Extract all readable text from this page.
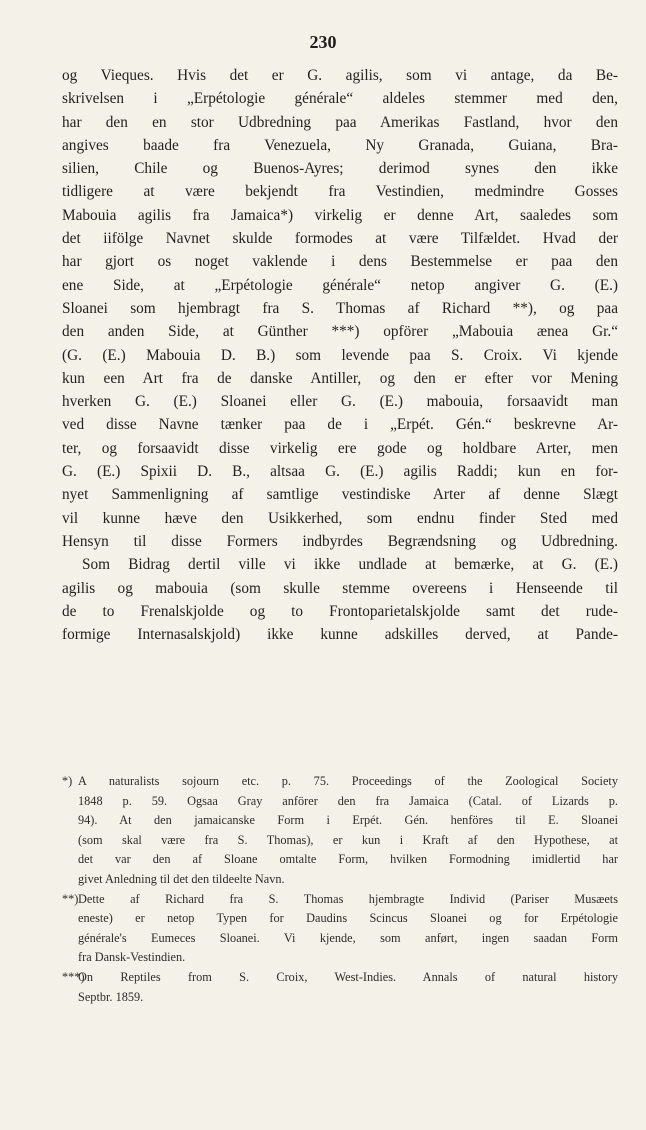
230
og Vieques. Hvis det er G. agilis, som vi antage, da Be-
skrivelsen i „Erpétologie générale“ aldeles stemmer med den,
har den en stor Udbredning paa Amerikas Fastland, hvor den
angives baade fra Venezuela, Ny Granada, Guiana, Bra-
silien, Chile og Buenos-Ayres; derimod synes den ikke
tidligere at være bekjendt fra Vestindien, medmindre Gosses
Mabouia agilis fra Jamaica*) virkelig er denne Art, saaledes som
det iifölge Navnet skulde formodes at være Tilfældet. Hvad der
har gjort os noget vaklende i dens Bestemmelse er paa den
ene Side, at „Erpétologie générale“ netop angiver G. (E.)
Sloanei som hjembragt fra S. Thomas af Richard **), og paa
den anden Side, at Günther ***) opförer „Mabouia ænea Gr.“
(G. (E.) Mabouia D. B.) som levende paa S. Croix. Vi kjende
kun een Art fra de danske Antiller, og den er efter vor Mening
hverken G. (E.) Sloanei eller G. (E.) mabouia, forsaavidt man
ved disse Navne tænker paa de i „Erpét. Gén.“ beskrevne Ar-
ter, og forsaavidt disse virkelig ere gode og holdbare Arter, men
G. (E.) Spixii D. B., altsaa G. (E.) agilis Raddi; kun en for-
nyet Sammenligning af samtlige vestindiske Arter af denne Slægt
vil kunne hæve den Usikkerhed, som endnu finder Sted med
Hensyn til disse Formers indbyrdes Begrændsning og Udbredning.
Som Bidrag dertil ville vi ikke undlade at bemærke, at G. (E.)
agilis og mabouia (som skulle stemme overeens i Henseende til
de to Frenalskjolde og to Frontoparietalskjolde samt det rude-
formige Internasalskjold) ikke kunne adskilles derved, at Pande-
*) A naturalists sojourn etc. p. 75. Proceedings of the Zoological Society
1848 p. 59. Ogsaa Gray anförer den fra Jamaica (Catal. of Lizards p.
94). At den jamaicanske Form i Erpét. Gén. henföres til E. Sloanei
(som skal være fra S. Thomas), er kun i Kraft af den Hypothese, at
det var den af Sloane omtalte Form, hvilken Formodning imidlertid har
givet Anledning til det den tildeelte Navn.
**)Dette af Richard fra S. Thomas hjembragte Individ (Pariser Musæets
eneste) er netop Typen for Daudins Scincus Sloanei og for Erpétologie
générale's Eumeces Sloanei. Vi kjende, som anført, ingen saadan Form
fra Dansk-Vestindien.
***)On Reptiles from S. Croix, West-Indies. Annals of natural history
Septbr. 1859.
